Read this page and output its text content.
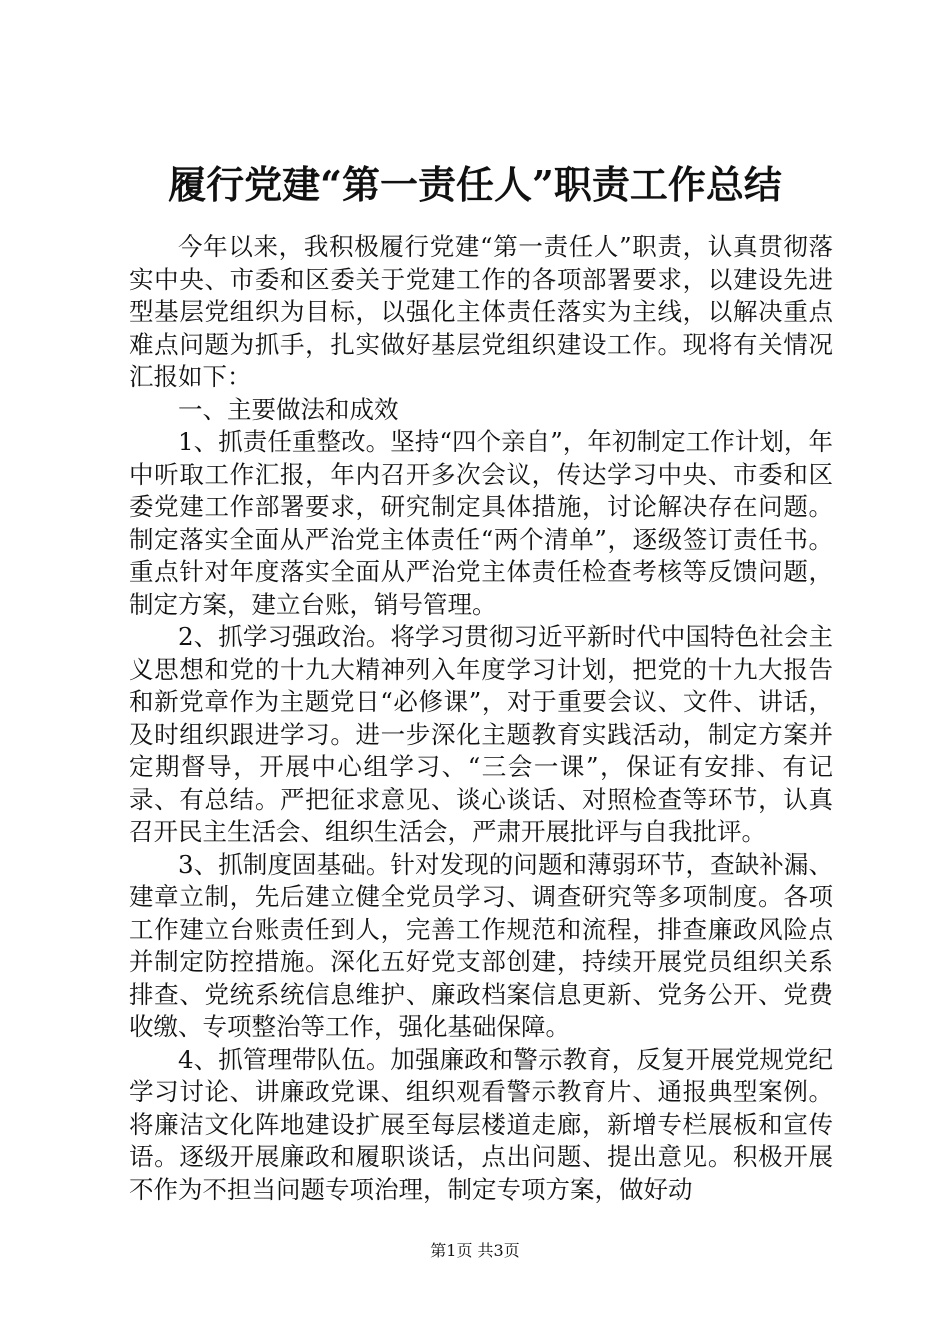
履行党建“第一责任人”职责工作总结

今年以来，我积极履行党建“第一责任人”职责，认真贯彻落实中央、市委和区委关于党建工作的各项部署要求，以建设先进型基层党组织为目标，以强化主体责任落实为主线，以解决重点难点问题为抓手，扎实做好基层党组织建设工作。现将有关情况汇报如下：

一、主要做法和成效

1、抓责任重整改。坚持“四个亲自”，年初制定工作计划，年中听取工作汇报，年内召开多次会议，传达学习中央、市委和区委党建工作部署要求，研究制定具体措施，讨论解决存在问题。制定落实全面从严治党主体责任“两个清单”，逐级签订责任书。重点针对年度落实全面从严治党主体责任检查考核等反馈问题，制定方案，建立台账，销号管理。

2、抓学习强政治。将学习贯彻习近平新时代中国特色社会主义思想和党的十九大精神列入年度学习计划，把党的十九大报告和新党章作为主题党日“必修课”，对于重要会议、文件、讲话，及时组织跟进学习。进一步深化主题教育实践活动，制定方案并定期督导，开展中心组学习、“三会一课”，保证有安排、有记录、有总结。严把征求意见、谈心谈话、对照检查等环节，认真召开民主生活会、组织生活会，严肃开展批评与自我批评。

3、抓制度固基础。针对发现的问题和薄弱环节，查缺补漏、建章立制，先后建立健全党员学习、调查研究等多项制度。各项工作建立台账责任到人，完善工作规范和流程，排查廉政风险点并制定防控措施。深化五好党支部创建，持续开展党员组织关系排查、党统系统信息维护、廉政档案信息更新、党务公开、党费收缴、专项整治等工作，强化基础保障。

4、抓管理带队伍。加强廉政和警示教育，反复开展党规党纪学习讨论、讲廉政党课、组织观看警示教育片、通报典型案例。将廉洁文化阵地建设扩展至每层楼道走廊，新增专栏展板和宣传语。逐级开展廉政和履职谈话，点出问题、提出意见。积极开展不作为不担当问题专项治理，制定专项方案，做好动

第1页 共3页
